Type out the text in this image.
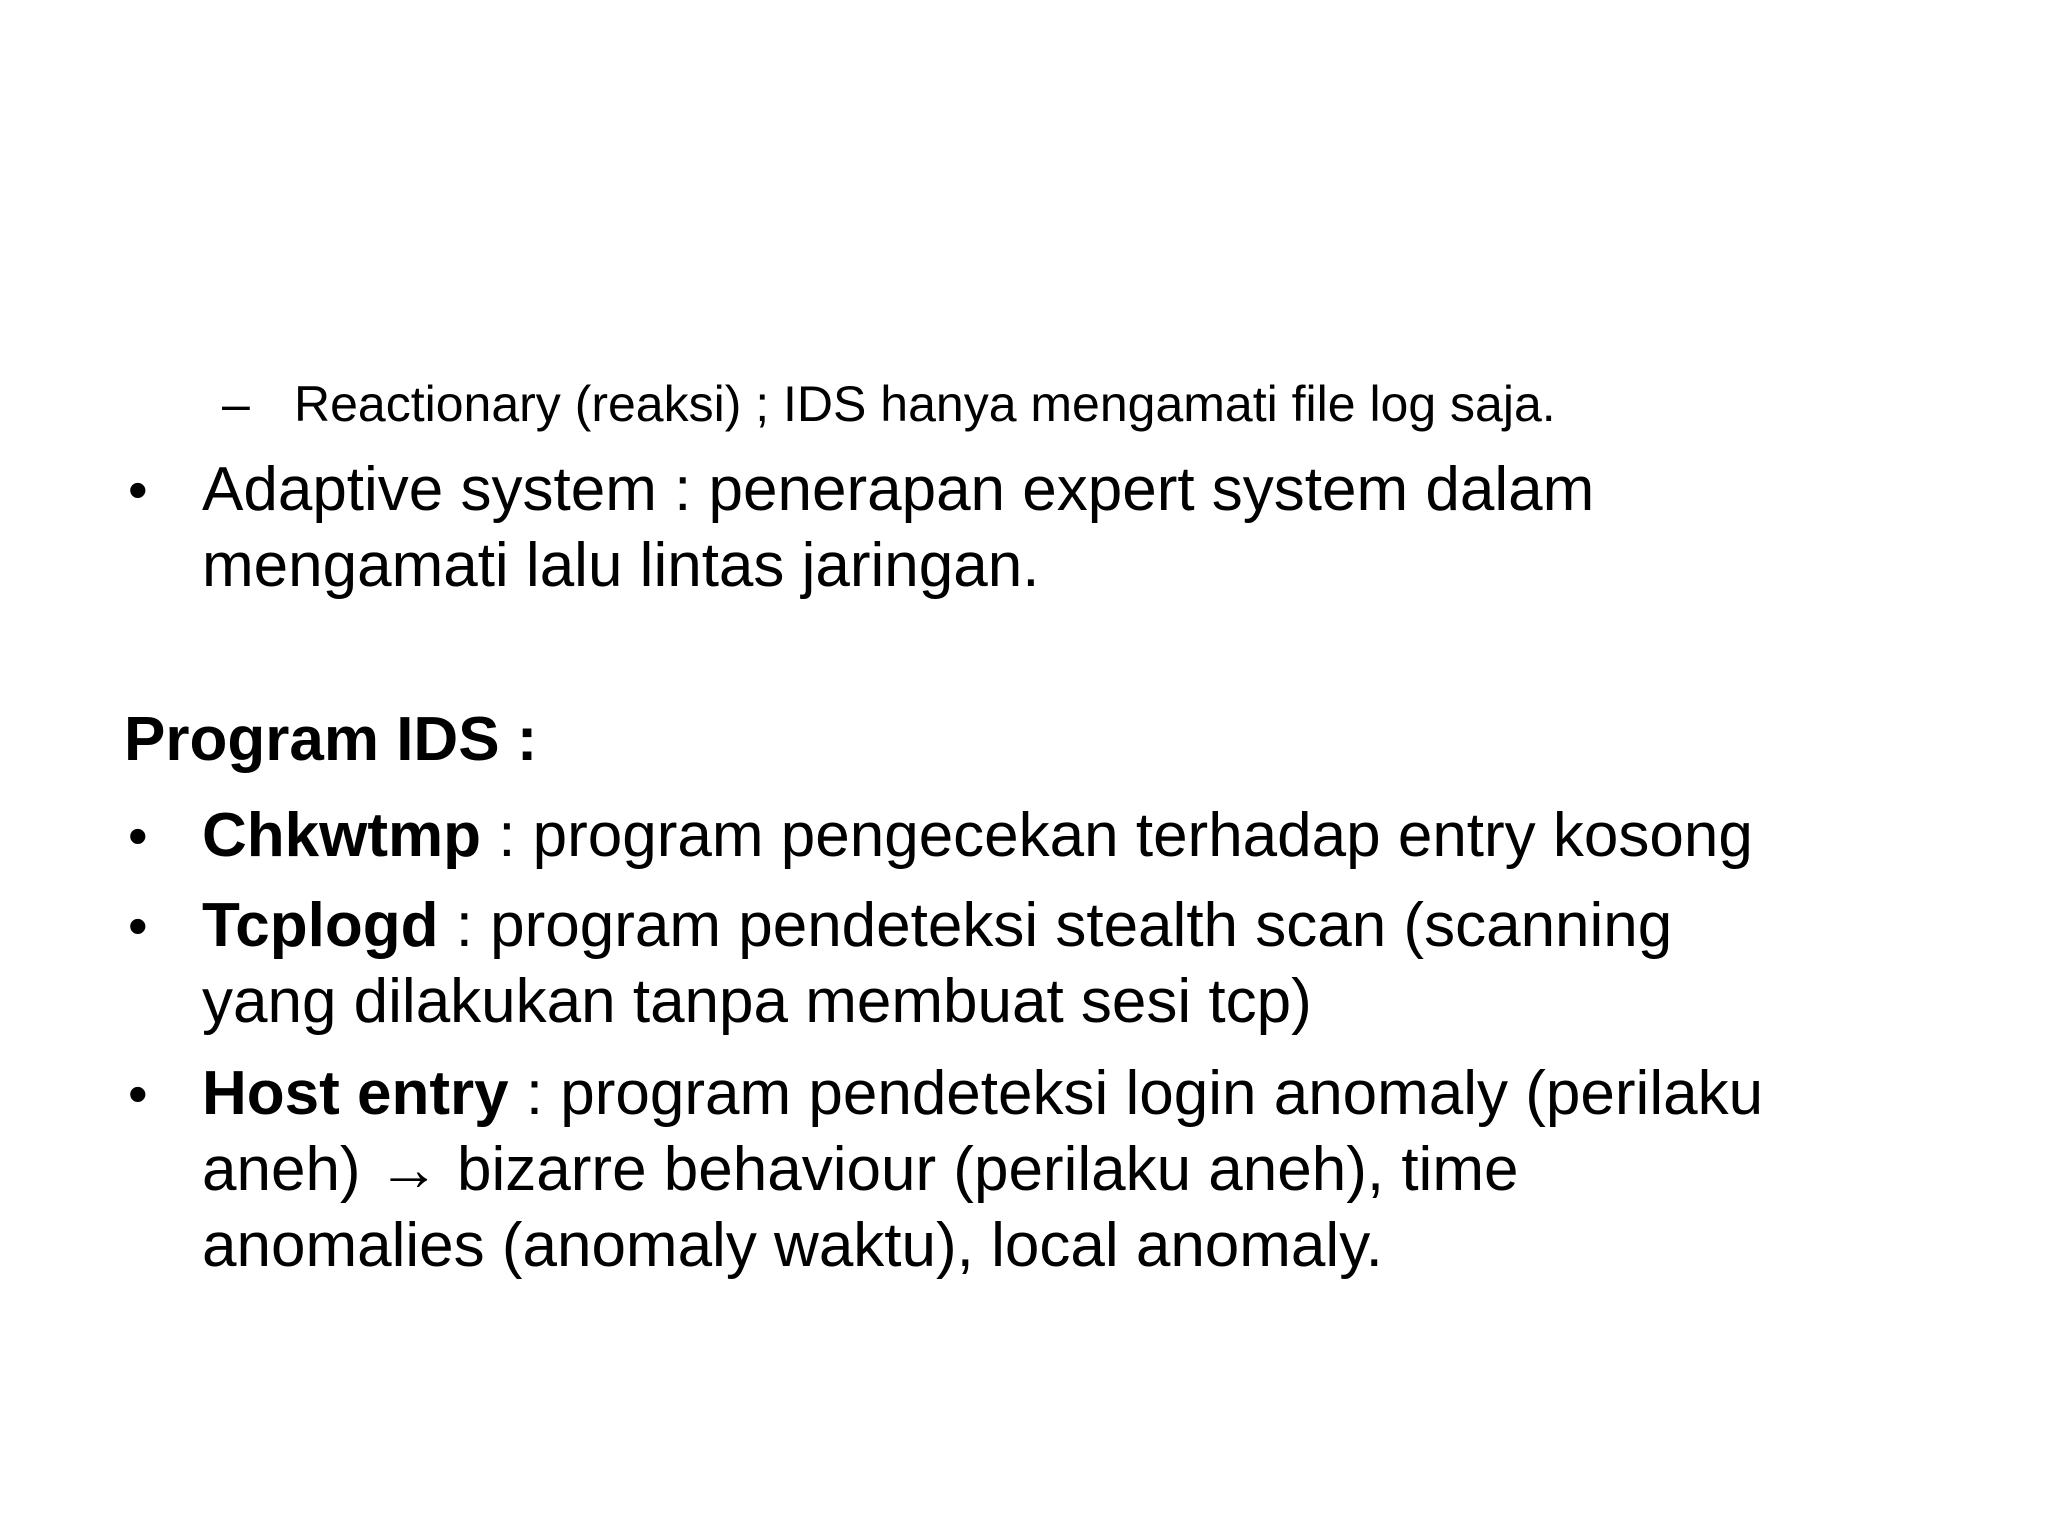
– Reactionary (reaksi) ; IDS hanya mengamati file log saja.
• Adaptive system : penerapan expert system dalam
mengamati lalu lintas jaringan.
Program IDS :
• Chkwtmp : program pengecekan terhadap entry kosong
• Tcplogd : program pendeteksi stealth scan (scanning
yang dilakukan tanpa membuat sesi tcp)
• Host entry : program pendeteksi login anomaly (perilaku
aneh) → bizarre behaviour (perilaku aneh), time
anomalies (anomaly waktu), local anomaly.
